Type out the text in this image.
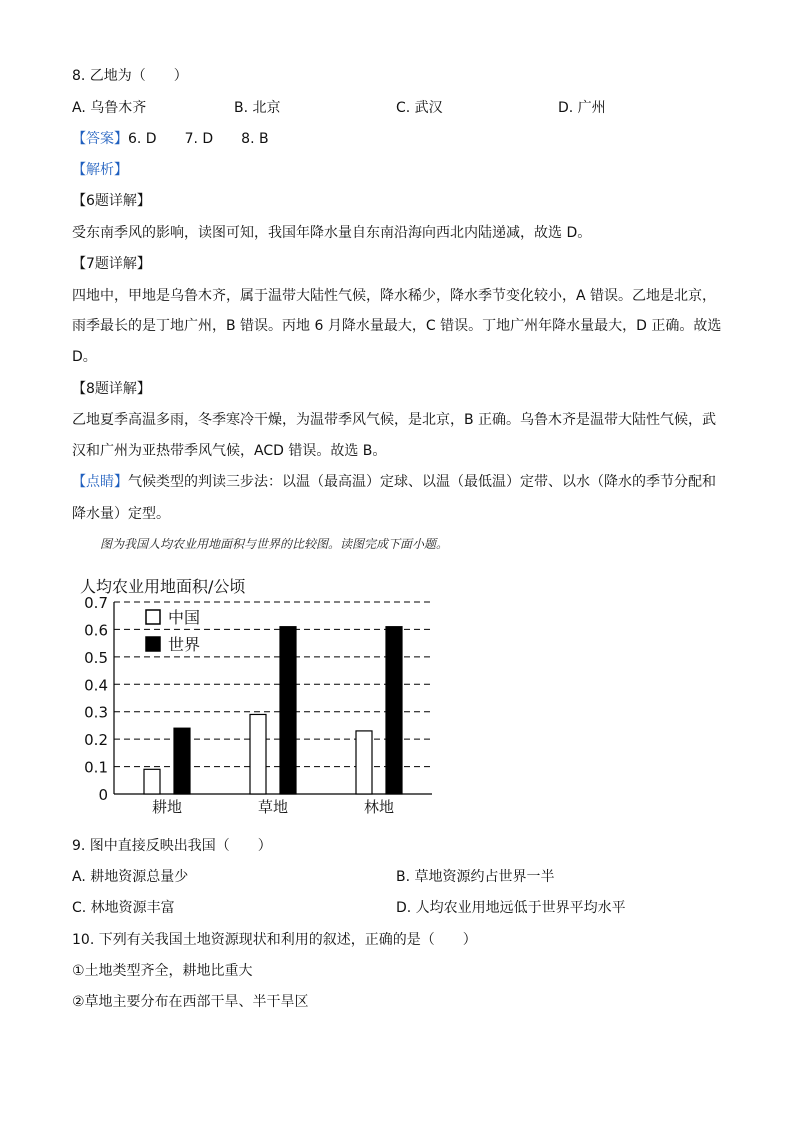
8. 乙地为（　　）
A. 乌鲁木齐	B. 北京	C. 武汉	D. 广州
【答案】6. D　　7. D　　8. B
【解析】
【6题详解】
受东南季风的影响，读图可知，我国年降水量自东南沿海向西北内陆递减，故选 D。
【7题详解】
四地中，甲地是乌鲁木齐，属于温带大陆性气候，降水稀少，降水季节变化较小，A 错误。乙地是北京，
雨季最长的是丁地广州，B 错误。丙地 6 月降水量最大，C 错误。丁地广州年降水量最大，D 正确。故选
D。
【8题详解】
乙地夏季高温多雨，冬季寒冷干燥，为温带季风气候，是北京，B 正确。乌鲁木齐是温带大陆性气候，武
汉和广州为亚热带季风气候，ACD 错误。故选 B。
【点睛】气候类型的判读三步法：以温（最高温）定球、以温（最低温）定带、以水（降水的季节分配和
降水量）定型。
图为我国人均农业用地面积与世界的比较图。读图完成下面小题。
人均农业用地面积/公顷
0
0.1
0.2
0.3
0.4
0.5
0.6
0.7
耕地	草地	林地
中国
世界
9. 图中直接反映出我国（　　）
A. 耕地资源总量少	B. 草地资源约占世界一半
C. 林地资源丰富	D. 人均农业用地远低于世界平均水平
10. 下列有关我国土地资源现状和利用的叙述，正确的是（　　）
①土地类型齐全，耕地比重大
②草地主要分布在西部干旱、半干旱区
